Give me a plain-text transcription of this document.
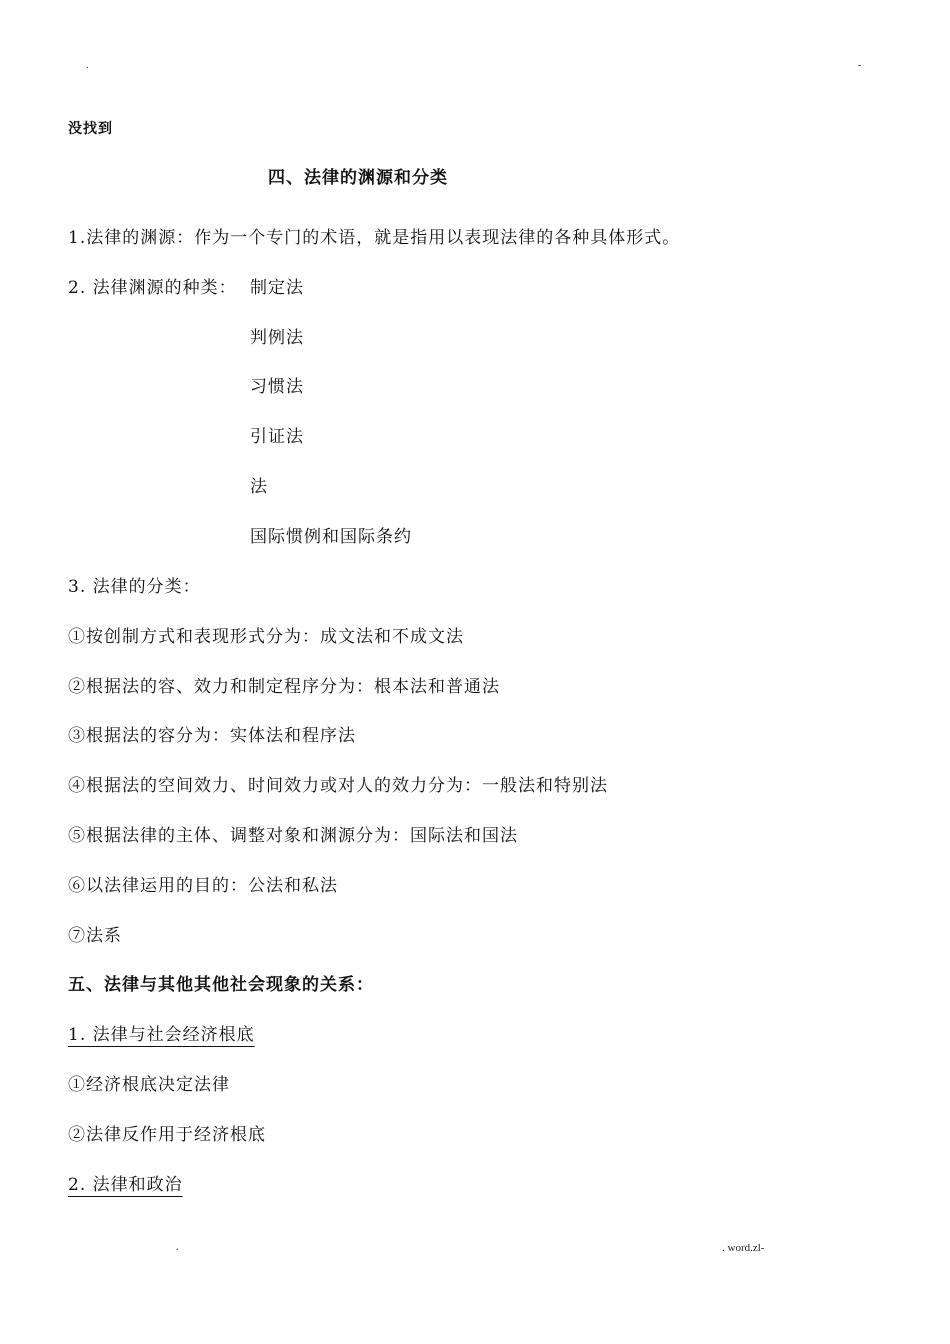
.	-
没找到
四、法律的渊源和分类
1.法律的渊源：作为一个专门的术语，就是指用以表现法律的各种具体形式。
2. 法律渊源的种类： 制定法
判例法
习惯法
引证法
法
国际惯例和国际条约
3. 法律的分类：
①按创制方式和表现形式分为：成文法和不成文法
②根据法的容、效力和制定程序分为：根本法和普通法
③根据法的容分为：实体法和程序法
④根据法的空间效力、时间效力或对人的效力分为：一般法和特别法
⑤根据法律的主体、调整对象和渊源分为：国际法和国法
⑥以法律运用的目的：公法和私法
⑦法系
五、法律与其他其他社会现象的关系：
1. 法律与社会经济根底
①经济根底决定法律
②法律反作用于经济根底
2. 法律和政治
.	. word.zl-
